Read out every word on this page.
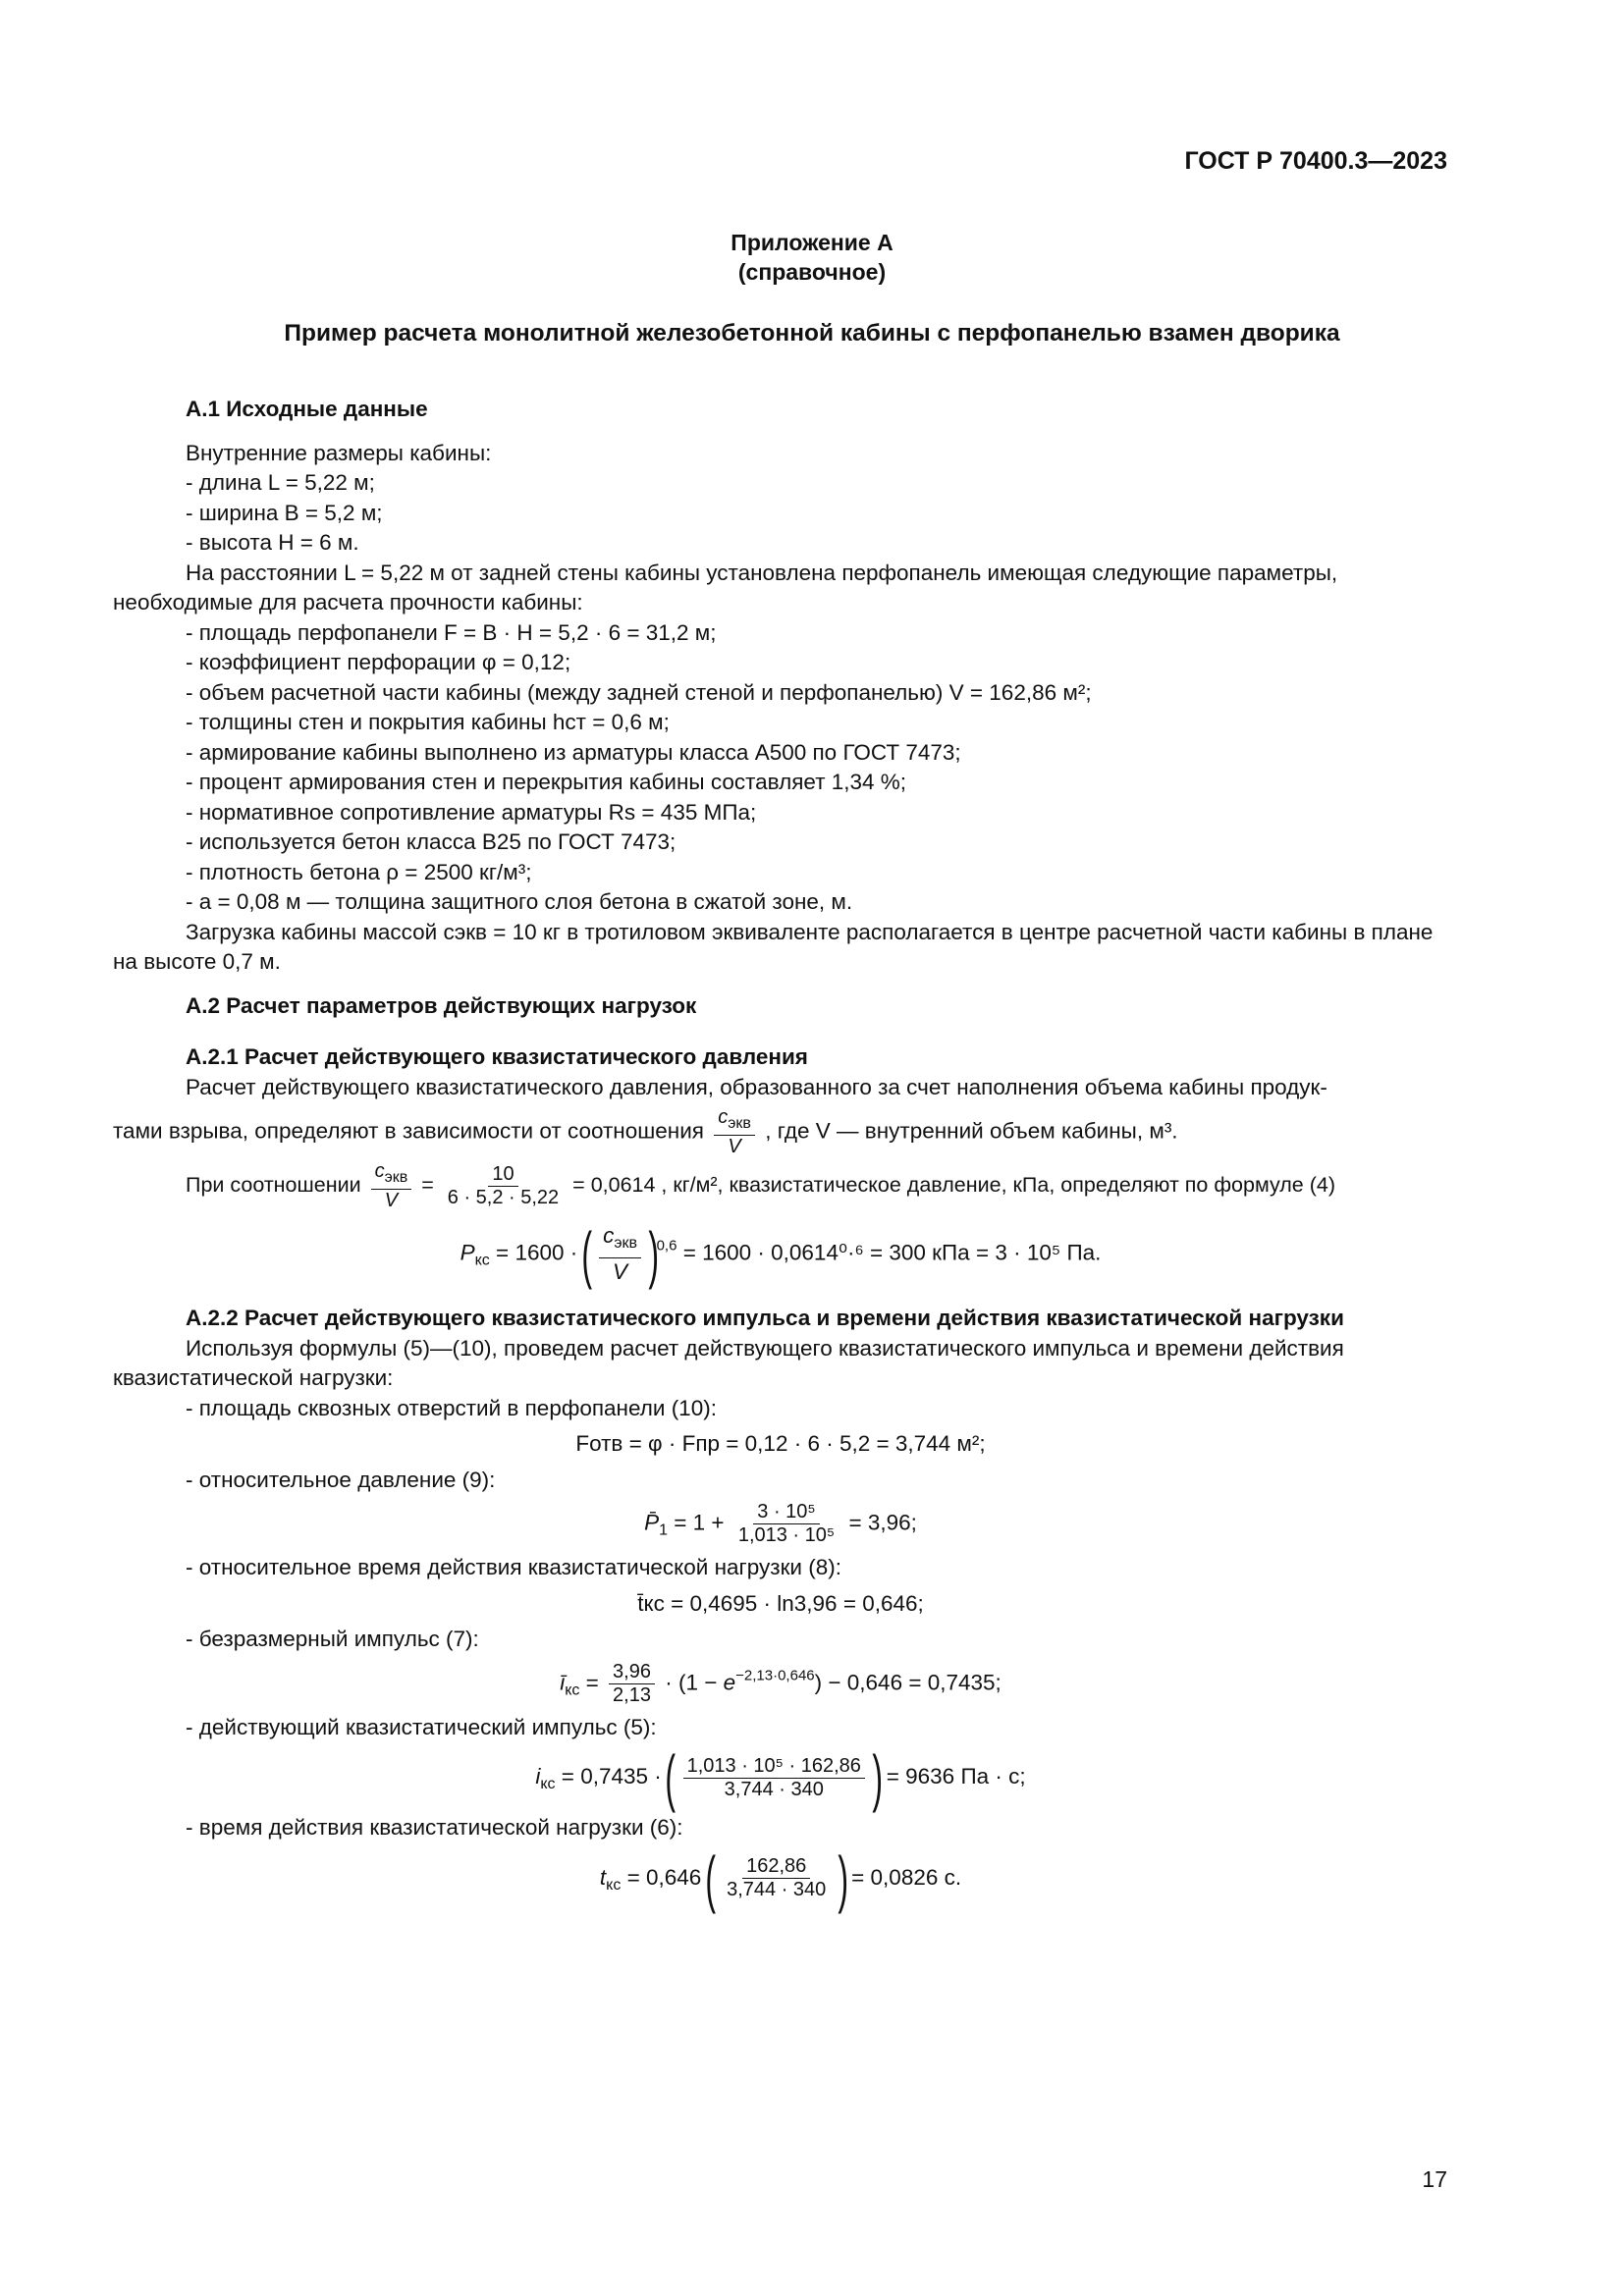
ГОСТ Р 70400.3—2023
Приложение А
(справочное)
Пример расчета монолитной железобетонной кабины с перфопанелью взамен дворика

А.1 Исходные данные

Внутренние размеры кабины:

- длина L = 5,22 м;

- ширина B = 5,2 м;

- высота H = 6 м.

На расстоянии L = 5,22 м от задней стены кабины установлена перфопанель имеющая следующие параметры, необходимые для расчета прочности кабины:

- площадь перфопанели F = B · H = 5,2 · 6 = 31,2 м;

- коэффициент перфорации φ = 0,12;

- объем расчетной части кабины (между задней стеной и перфопанелью) V = 162,86 м²;

- толщины стен и покрытия кабины hст = 0,6 м;

- армирование кабины выполнено из арматуры класса А500 по ГОСТ 7473;

- процент армирования стен и перекрытия кабины составляет 1,34 %;

- нормативное сопротивление арматуры Rs = 435 МПа;

- используется бетон класса В25 по ГОСТ 7473;

- плотность бетона ρ = 2500 кг/м³;

- a = 0,08 м — толщина защитного слоя бетона в сжатой зоне, м.

Загрузка кабины массой cэкв = 10 кг в тротиловом эквиваленте располагается в центре расчетной части кабины в плане на высоте 0,7 м.

А.2 Расчет параметров действующих нагрузок

А.2.1 Расчет действующего квазистатического давления

Расчет действующего квазистатического давления, образованного за счет наполнения объема кабины продук-

тами взрыва, определяют в зависимости от соотношения $\frac{c_{экв}}{V}$ , где V — внутренний объем кабины, м³.

При соотношении $\frac{c_{экв}}{V} = \frac{10}{6 \cdot 5,2 \cdot 5,22} = 0,0614$ , кг/м², квазистатическое давление, кПа, определяют по формуле (4)

$P_{кс} = 1600$ · ( $\frac{c_{экв}}{V} )^{0,6} = 1600 \cdot 0,0614^0\cdot^6 = 300$ кПа = 3 · 10⁵ Па.

А.2.2 Расчет действующего квазистатического импульса и времени действия квазистатической нагрузки

Используя формулы (5)—(10), проведем расчет действующего квазистатического импульса и времени действия квазистатической нагрузки:

- площадь сквозных отверстий в перфопанели (10):

Fотв = φ · Fпр = 0,12 · 6 · 5,2 = 3,744 м²;

- относительное давление (9):

$P̄_1 = 1 + \frac{\text{3 · 10⁵}}{\text{1,013 · 10⁵}} = 3,96$;

- относительное время действия квазистатической нагрузки (8):

t̄кс = 0,4695 · ln3,96 = 0,646;

- безразмерный импульс (7):

$ī_{кс} = \frac{3,96}{2,13} \cdot (1 - e^{-2,13\cdot 0,646}) - 0,646 = 0,7435$;

- действующий квазистатический импульс (5):

$i_{кс} = 0,7435$ · ( $\frac{\text{1,013 · 10⁵ · 162,86}}{3,744 \cdot 340}$ ) = 9636 Па · с;

- время действия квазистатической нагрузки (6):

$t_{кс} = 0,646$ ( $\frac{162,86}{3,744 \cdot 340}$ ) = 0,0826 с.
17
